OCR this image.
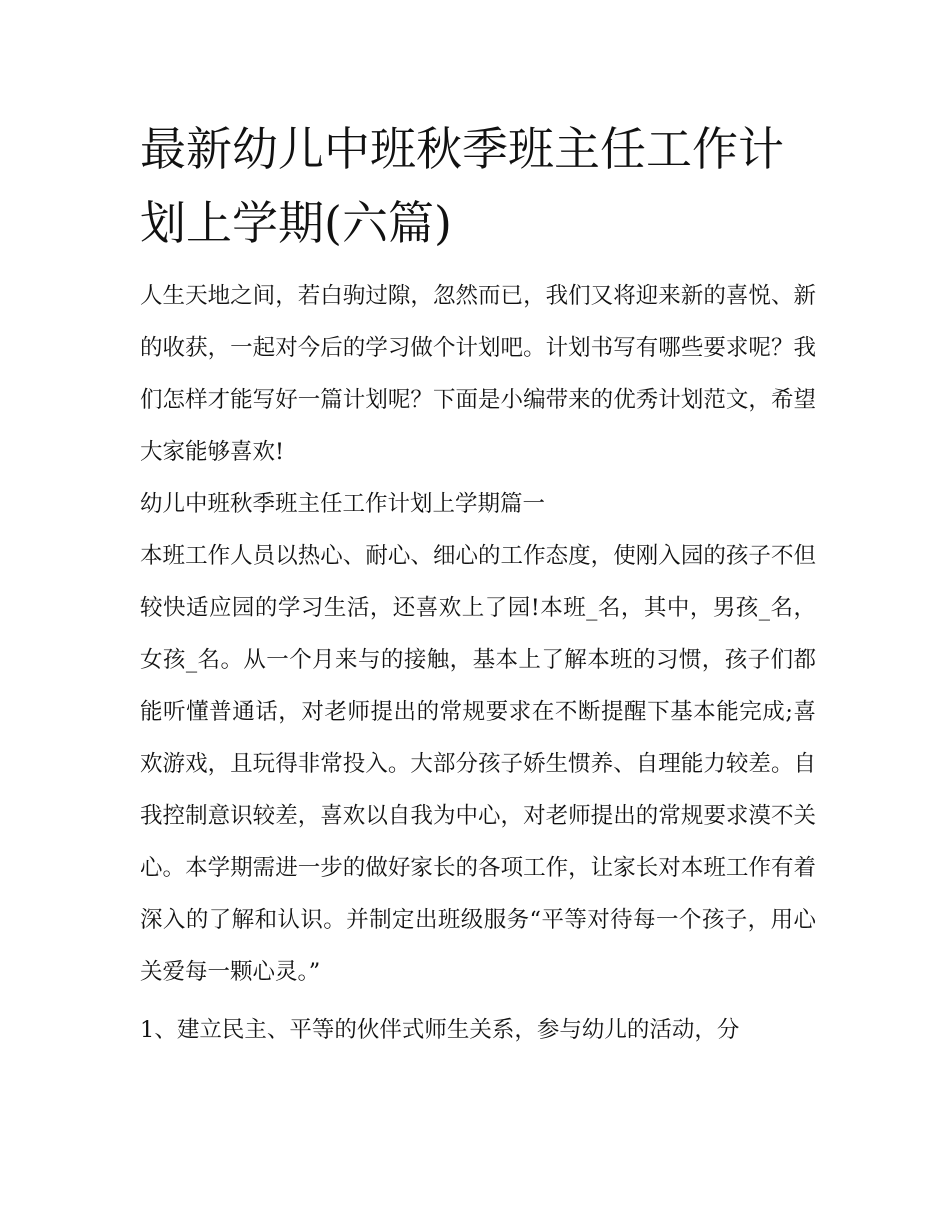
最新幼儿中班秋季班主任工作计划上学期(六篇)

人生天地之间，若白驹过隙，忽然而已，我们又将迎来新的喜悦、新的收获，一起对今后的学习做个计划吧。计划书写有哪些要求呢？我们怎样才能写好一篇计划呢？下面是小编带来的优秀计划范文，希望大家能够喜欢!

幼儿中班秋季班主任工作计划上学期篇一

本班工作人员以热心、耐心、细心的工作态度，使刚入园的孩子不但较快适应园的学习生活，还喜欢上了园!本班_名，其中，男孩_名，女孩_名。从一个月来与的接触，基本上了解本班的习惯，孩子们都能听懂普通话，对老师提出的常规要求在不断提醒下基本能完成;喜欢游戏，且玩得非常投入。大部分孩子娇生惯养、自理能力较差。自我控制意识较差，喜欢以自我为中心，对老师提出的常规要求漠不关心。本学期需进一步的做好家长的各项工作，让家长对本班工作有着深入的了解和认识。并制定出班级服务“平等对待每一个孩子，用心关爱每一颗心灵。”

1、建立民主、平等的伙伴式师生关系，参与幼儿的活动，分
